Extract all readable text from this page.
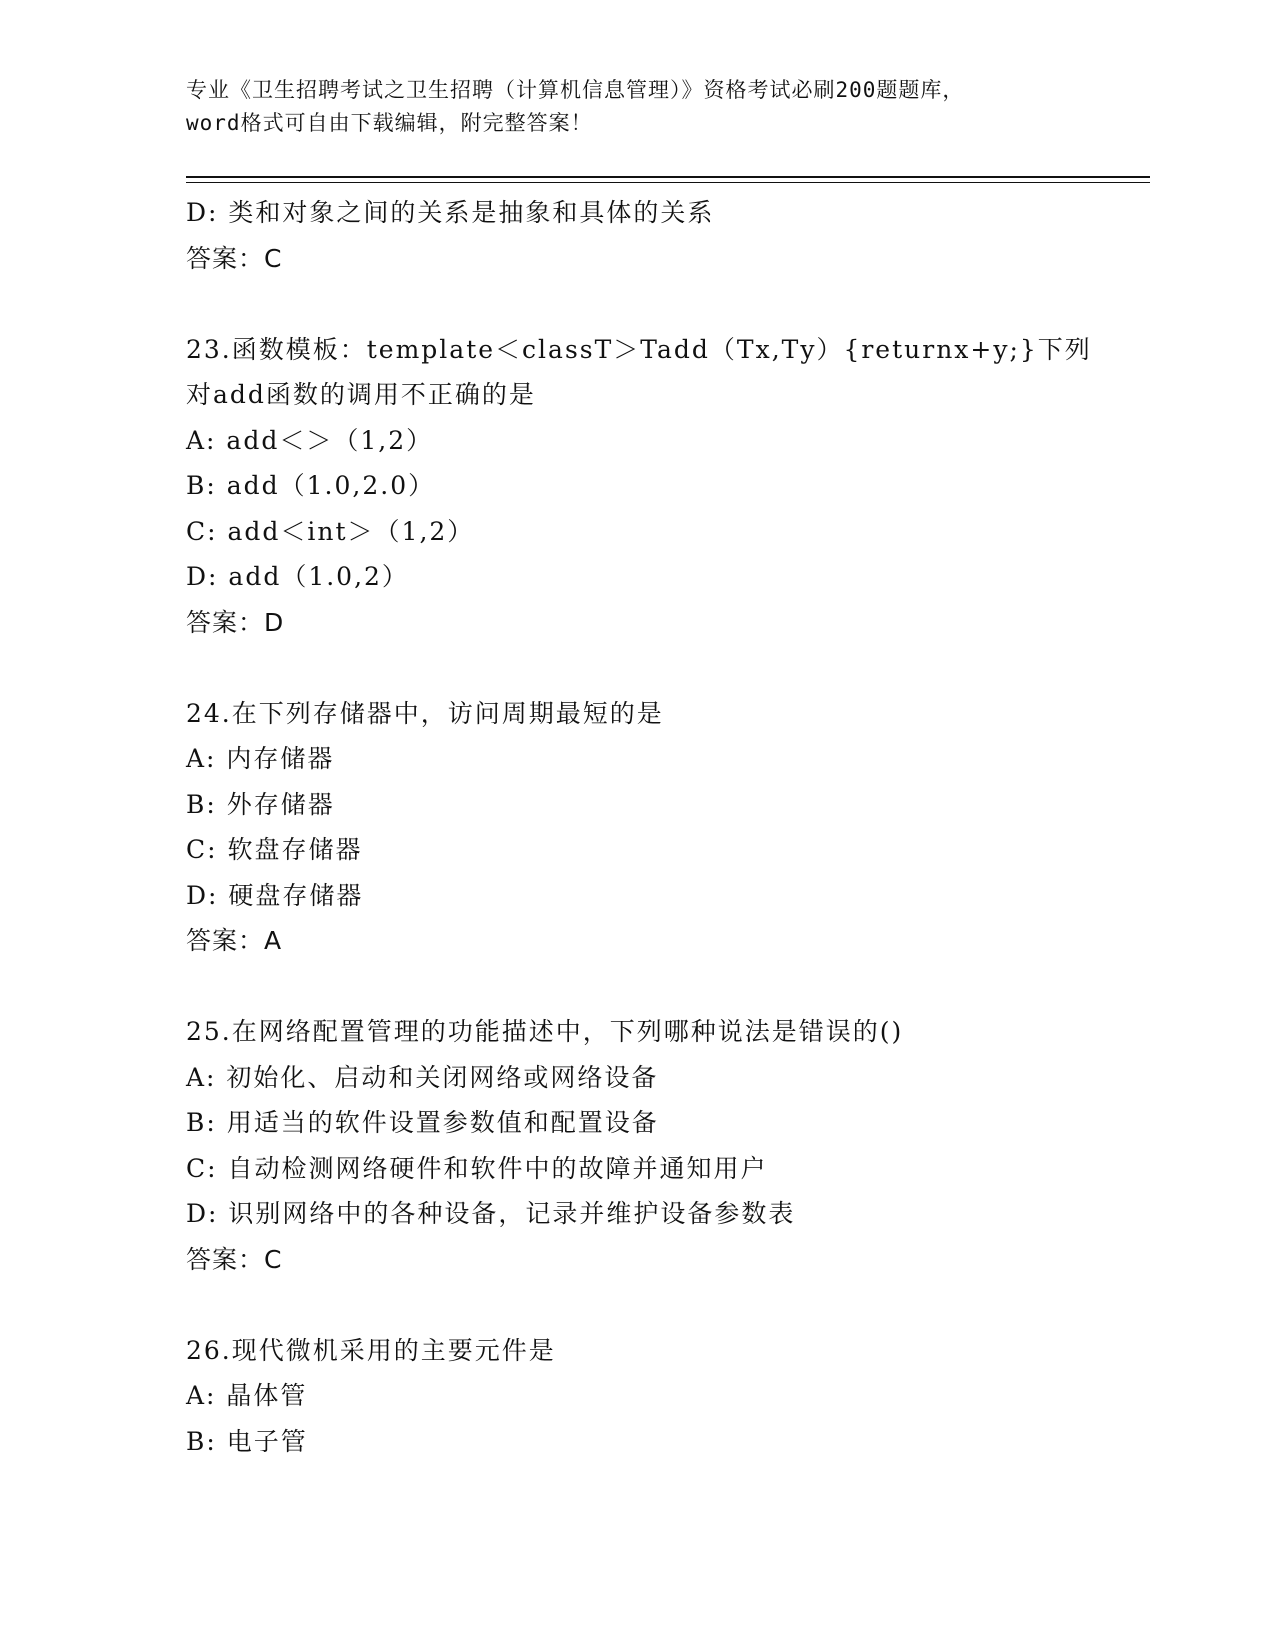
专业《卫生招聘考试之卫生招聘（计算机信息管理）》资格考试必刷200题题库，
word格式可自由下载编辑，附完整答案！
D: 类和对象之间的关系是抽象和具体的关系
答案：C
23.函数模板：template＜classT＞Tadd（Tx,Ty）{returnx+y;}下列
对add函数的调用不正确的是
A: add＜＞（1,2）
B: add（1.0,2.0）
C: add＜int＞（1,2）
D: add（1.0,2）
答案：D
24.在下列存储器中，访问周期最短的是
A: 内存储器
B: 外存储器
C: 软盘存储器
D: 硬盘存储器
答案：A
25.在网络配置管理的功能描述中，下列哪种说法是错误的()
A: 初始化、启动和关闭网络或网络设备
B: 用适当的软件设置参数值和配置设备
C: 自动检测网络硬件和软件中的故障并通知用户
D: 识别网络中的各种设备，记录并维护设备参数表
答案：C
26.现代微机采用的主要元件是
A: 晶体管
B: 电子管
